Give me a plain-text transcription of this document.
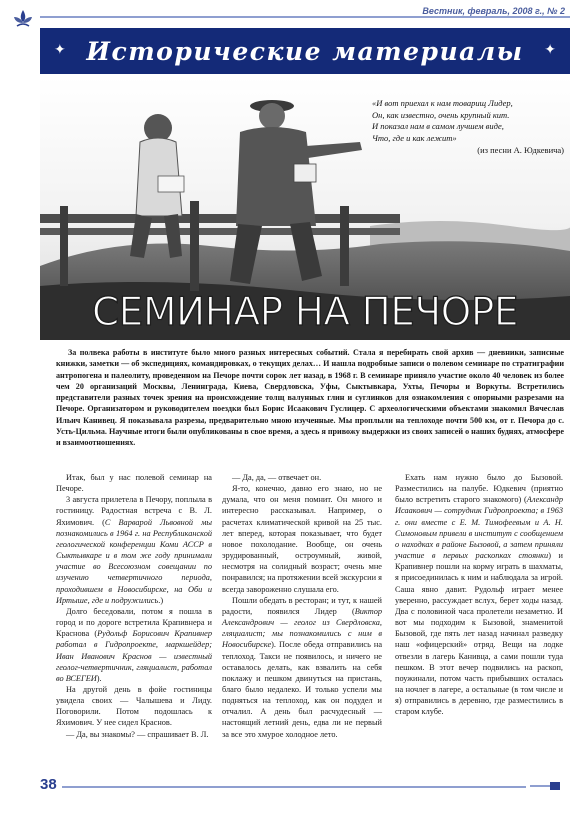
Вестник, февраль, 2008 г., № 2
✦ Исторические материалы	✦
«И вот приехал к нам товарищ Лидер,
Он, как известно, очень крупный кит.
И показал нам в самом лучшем виде,
Что, где и как лежит»
(из песни А. Юдкевича)
СЕМИНАР НА ПЕЧОРЕ
За полвека работы в институте было много разных интересных событий. Стала я перебирать свой архив — дневники, записные книжки, заметки — об экспедициях, командировках, о текущих делах… И нашла подробные записи о полевом семинаре по стратиграфии антропогена и палеолиту, проведенном на Печоре почти сорок лет назад, в 1968 г. В семинаре приняло участие около 40 человек из более чем 20 организаций Москвы, Ленинграда, Киева, Свердловска, Уфы, Сыктывкара, Ухты, Печоры и Воркуты. Встретились представители разных точек зрения на происхождение толщ валунных глин и суглинков для ознакомления с опорными разрезами на Печоре. Организатором и руководителем поездки был Борис Исаакович Гуслицер. С археологическими объектами знакомил Вячеслав Ильич Канивец. Я показывала разрезы, предварительно мною изученные. Мы проплыли на теплоходе почти 500 км, от г. Печора до с. Усть-Цильма. Научные итоги были опубликованы в свое время, а здесь я привожу выдержки из своих записей о наших буднях, атмосфере и взаимоотношениях.

Итак, был у нас полевой семинар на Печоре.

3 августа прилетела в Печору, поплыла в гостиницу. Радостная встреча с В. Л. Яхимович. (С Варварой Львовной мы познакомились в 1964 г. на Республиканской геологической конференции Коми АССР в Сыктывкаре и в том же году принимали участие во Всесоюзном совещании по изучению четвертичного периода, проходившем в Новосибирске, на Оби и Иртыше, где и подружились.)

Долго беседовали, потом я пошла в город и по дороге встретила Крапивнера и Краснова (Рудольф Борисович Крапивнер работал в Гидропроекте, маркшейдер; Иван Иванович Краснов — известный геолог-четвертичник, гляциалист, работал во ВСЕГЕИ).

На другой день в фойе гостиницы увидела своих — Чалышева и Лиду. Поговорили. Потом подошлась к Яхимович. У нее сидел Краснов.

— Да, вы знакомы? — спрашивает В. Л.

— Да, да, — отвечает он.

Я-то, конечно, давно его знаю, но не думала, что он меня помнит. Он много и интересно рассказывал. Например, о расчетах климатической кривой на 25 тыс. лет вперед, которая показывает, что будет новое похолодание. Вообще, он очень эрудированный, остроумный, живой, несмотря на солидный возраст; очень мне понравился; на протяжении всей экскурсии я всегда завороженно слушала его.

Пошли обедать в ресторан; и тут, к нашей радости, появился Лидер (Виктор Александрович — геолог из Свердловска, гляциалист; мы познакомились с ним в Новосибирске). После обеда отправились на теплоход. Такси не появилось, и ничего не оставалось делать, как взвалить на себя поклажу и пешком двинуться на пристань, благо было недалеко. И только успели мы подняться на теплоход, как он подудел и отчалил. А день был расчудесный — настоящий летний день, едва ли не первый за все это хмурое холодное лето.

Ехать нам нужно было до Бызовой. Разместились на палубе. Юдкевич (приятно было встретить старого знакомого) (Александр Исаакович — сотрудник Гидропроекта; в 1963 г. они вместе с Е. М. Тимофеевым и А. Н. Симоновым привели в институт с сообщением о находках в районе Бызовой, а затем приняли участие в первых раскопках стоянки) и Крапивнер пошли на корму играть в шахматы, я присоединилась к ним и наблюдала за игрой. Саша явно давит. Рудольф играет менее уверенно, рассуждает вслух, берет ходы назад. Два с половиной часа пролетели незаметно. И вот мы подходим к Бызовой, знаменитой Бызовой, где пять лет назад начинал разведку наш «офицерский» отряд. Вещи на лодке отвезли в лагерь Канивца, а сами пошли туда пешком. В этот вечер подвились на раскоп, поужинали, потом часть прибывших осталась на ночлег в лагере, а остальные (в том числе и я) отправились в деревню, где разместились в старом клубе.

38
